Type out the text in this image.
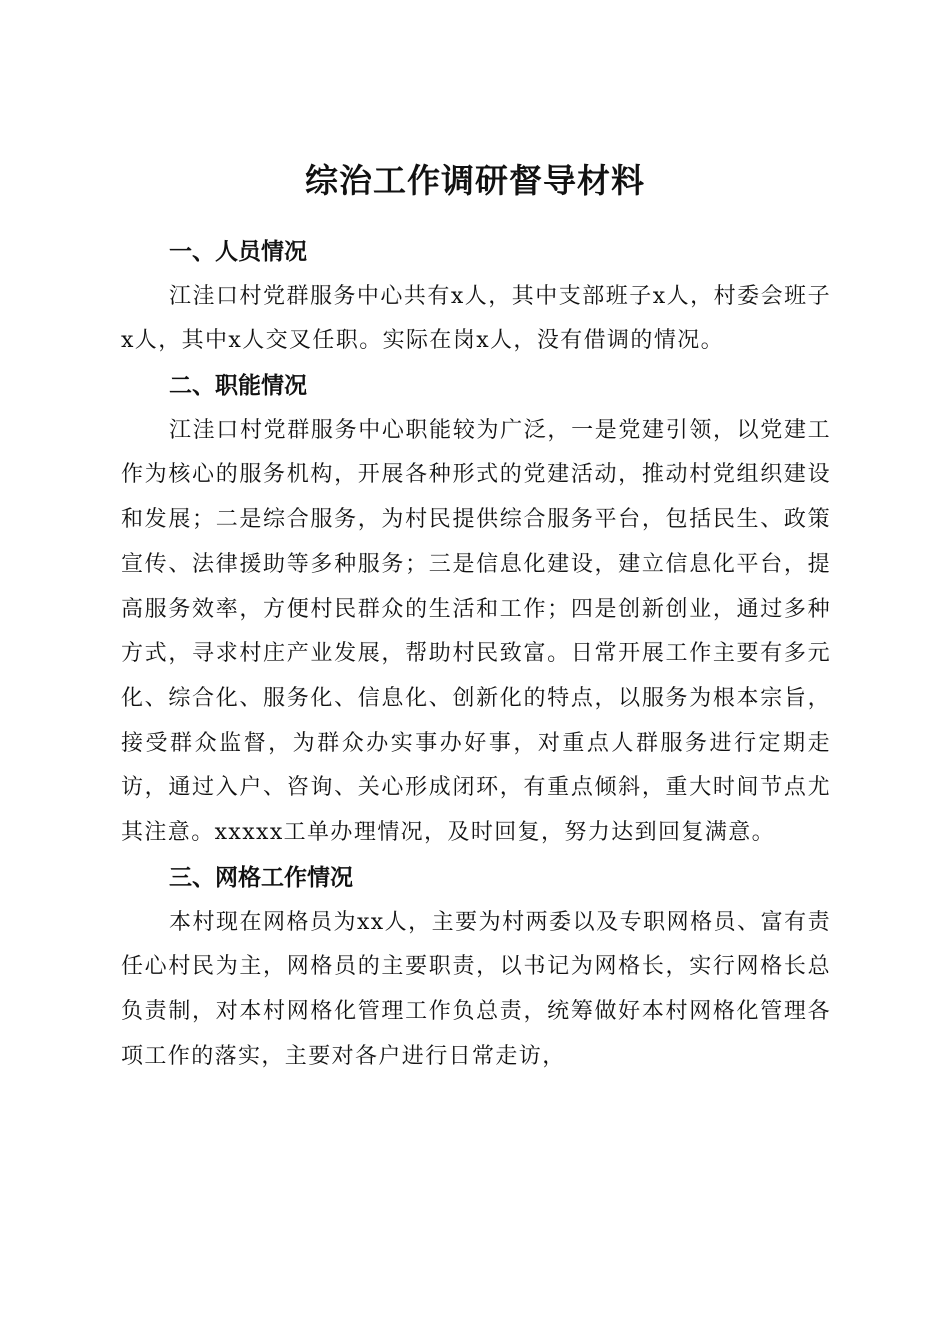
综治工作调研督导材料
一、人员情况

江洼口村党群服务中心共有x人，其中支部班子x人，村委会班子x人，其中x人交叉任职。实际在岗x人，没有借调的情况。

二、职能情况

江洼口村党群服务中心职能较为广泛，一是党建引领，以党建工作为核心的服务机构，开展各种形式的党建活动，推动村党组织建设和发展；二是综合服务，为村民提供综合服务平台，包括民生、政策宣传、法律援助等多种服务；三是信息化建设，建立信息化平台，提高服务效率，方便村民群众的生活和工作；四是创新创业，通过多种方式，寻求村庄产业发展，帮助村民致富。日常开展工作主要有多元化、综合化、服务化、信息化、创新化的特点，以服务为根本宗旨，接受群众监督，为群众办实事办好事，对重点人群服务进行定期走访，通过入户、咨询、关心形成闭环，有重点倾斜，重大时间节点尤其注意。xxxxx工单办理情况，及时回复，努力达到回复满意。

三、网格工作情况

本村现在网格员为xx人，主要为村两委以及专职网格员、富有责任心村民为主，网格员的主要职责，以书记为网格长，实行网格长总负责制，对本村网格化管理工作负总责，统筹做好本村网格化管理各项工作的落实，主要对各户进行日常走访，
